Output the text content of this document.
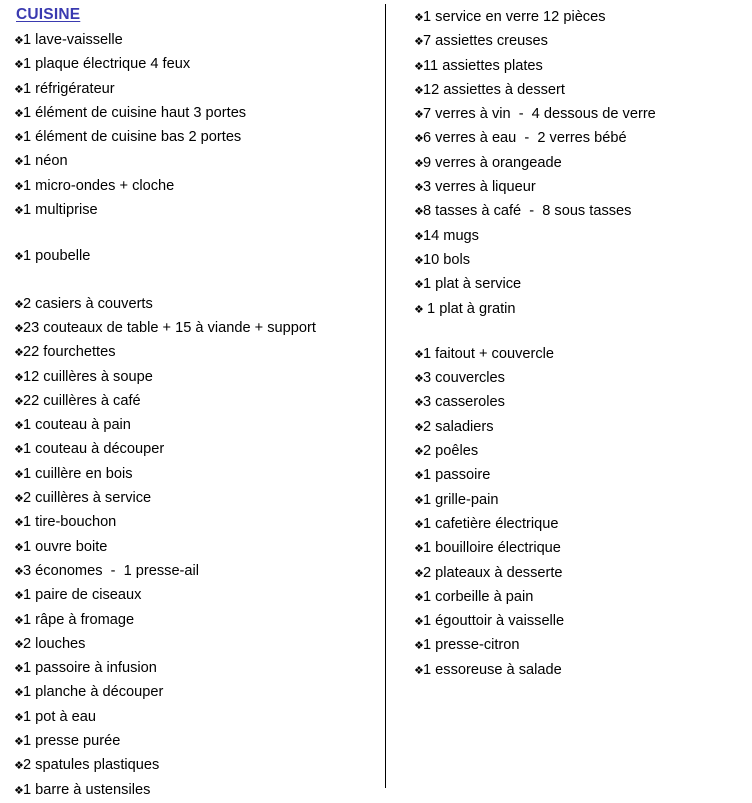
CUISINE
❖ 1 lave-vaisselle
❖ 1 plaque électrique 4 feux
❖ 1 réfrigérateur
❖ 1 élément de cuisine haut 3 portes
❖ 1 élément de cuisine bas 2 portes
❖ 1 néon
❖ 1 micro-ondes + cloche
❖ 1 multiprise
❖ 1 poubelle
❖ 2 casiers à couverts
❖ 23 couteaux de table + 15 à viande + support
❖ 22 fourchettes
❖ 12 cuillères à soupe
❖ 22 cuillères à café
❖ 1 couteau à pain
❖ 1 couteau à découper
❖ 1 cuillère en bois
❖ 2 cuillères à service
❖ 1 tire-bouchon
❖ 1 ouvre boite
❖ 3 économes  -  1 presse-ail
❖ 1 paire de ciseaux
❖ 1 râpe à fromage
❖ 2 louches
❖ 1 passoire à infusion
❖ 1 planche à découper
❖ 1 pot à eau
❖ 1 presse purée
❖ 2 spatules plastiques
❖ 1 barre à ustensiles
❖ 1 service en verre 12 pièces
❖ 7 assiettes creuses
❖ 11 assiettes plates
❖ 12 assiettes à dessert
❖ 7 verres à vin  -  4 dessous de verre
❖ 6 verres à eau  -  2 verres bébé
❖ 9 verres à orangeade
❖ 3 verres à liqueur
❖ 8 tasses à café  -  8 sous tasses
❖ 14 mugs
❖ 10 bols
❖ 1 plat à service
❖ 1 plat à gratin
❖ 1 faitout + couvercle
❖ 3 couvercles
❖ 3 casseroles
❖ 2 saladiers
❖ 2 poêles
❖ 1 passoire
❖ 1 grille-pain
❖ 1 cafetière électrique
❖ 1 bouilloire électrique
❖ 2 plateaux à desserte
❖ 1 corbeille à pain
❖ 1 égouttoir à vaisselle
❖ 1 presse-citron
❖ 1 essoreuse à salade
